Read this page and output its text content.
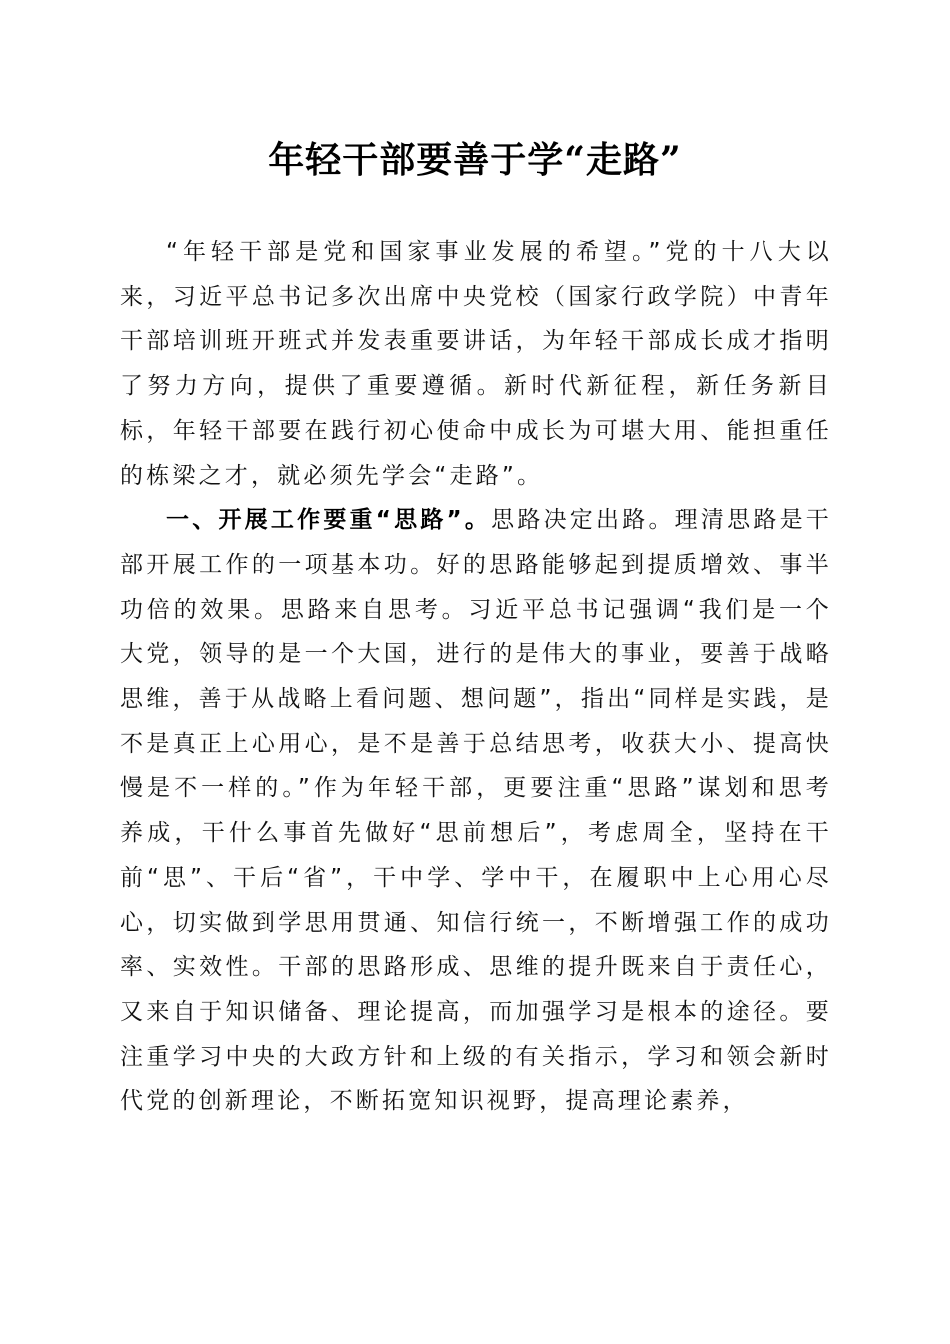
年轻干部要善于学“走路”

“年轻干部是党和国家事业发展的希望。”党的十八大以来，习近平总书记多次出席中央党校（国家行政学院）中青年干部培训班开班式并发表重要讲话，为年轻干部成长成才指明了努力方向，提供了重要遵循。新时代新征程，新任务新目标，年轻干部要在践行初心使命中成长为可堪大用、能担重任的栋梁之才，就必须先学会“走路”。

一、开展工作要重“思路”。思路决定出路。理清思路是干部开展工作的一项基本功。好的思路能够起到提质增效、事半功倍的效果。思路来自思考。习近平总书记强调“我们是一个大党，领导的是一个大国，进行的是伟大的事业，要善于战略思维，善于从战略上看问题、想问题”，指出“同样是实践，是不是真正上心用心，是不是善于总结思考，收获大小、提高快慢是不一样的。”作为年轻干部，更要注重“思路”谋划和思考养成，干什么事首先做好“思前想后”，考虑周全，坚持在干前“思”、干后“省”，干中学、学中干，在履职中上心用心尽心，切实做到学思用贯通、知信行统一，不断增强工作的成功率、实效性。干部的思路形成、思维的提升既来自于责任心，又来自于知识储备、理论提高，而加强学习是根本的途径。要注重学习中央的大政方针和上级的有关指示，学习和领会新时代党的创新理论，不断拓宽知识视野，提高理论素养，
